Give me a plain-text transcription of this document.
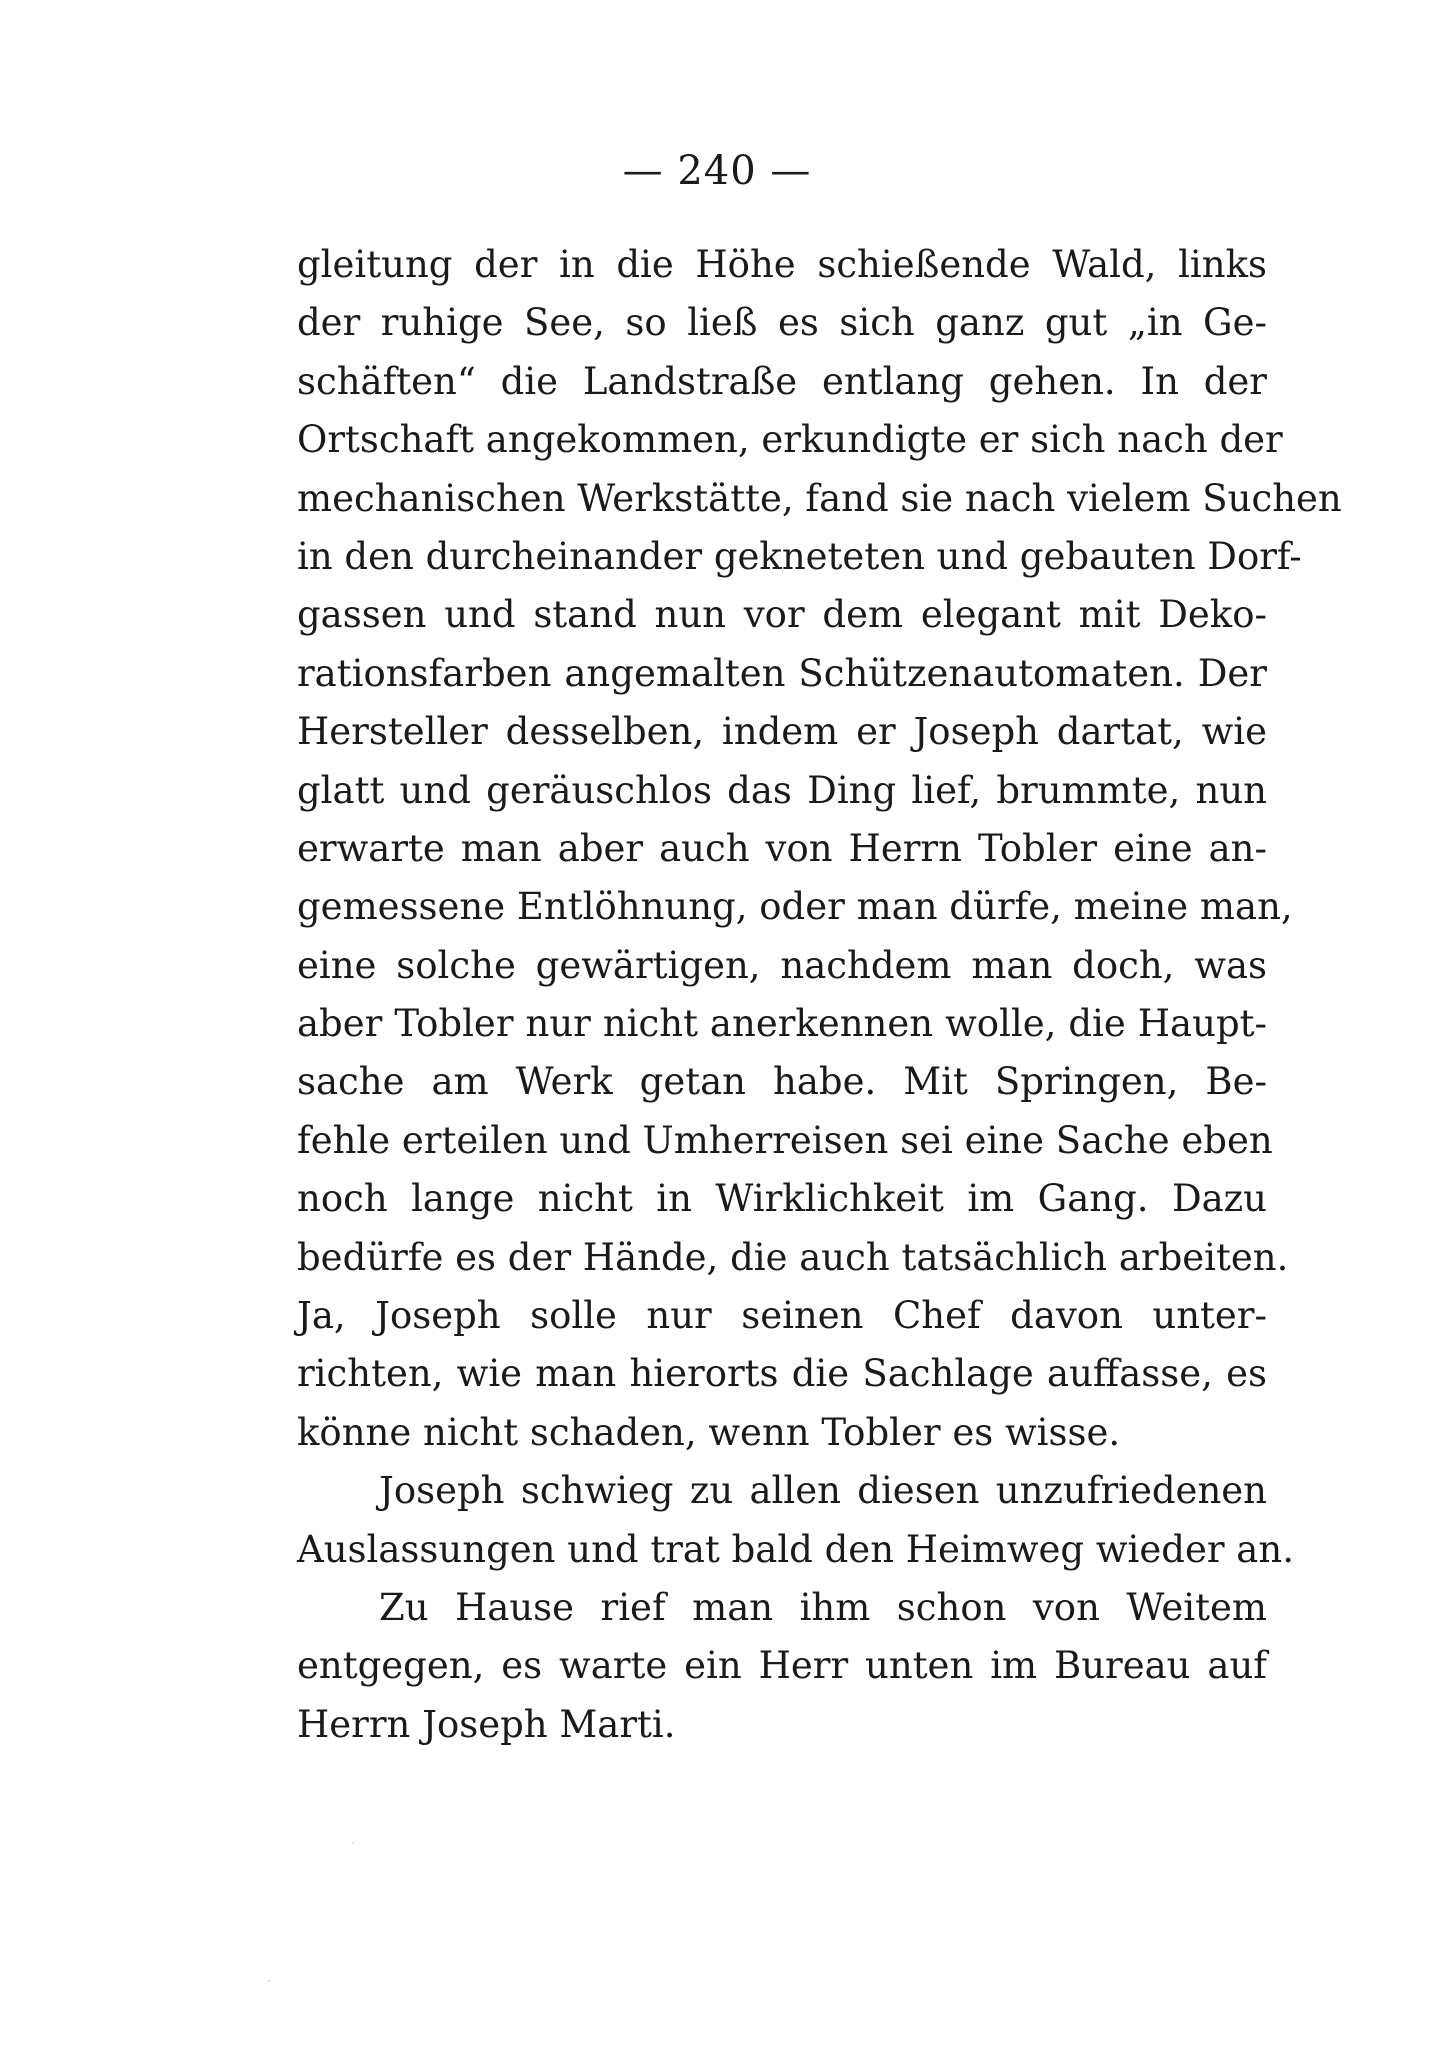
— 240 —
gleitung der in die Höhe schießende Wald, links
der ruhige See, so ließ es sich ganz gut „in Ge-
schäften“ die Landstraße entlang gehen. In der
Ortschaft angekommen, erkundigte er sich nach der
mechanischen Werkstätte, fand sie nach vielem Suchen
in den durcheinander gekneteten und gebauten Dorf-
gassen und stand nun vor dem elegant mit Deko-
rationsfarben angemalten Schützenautomaten. Der
Hersteller desselben, indem er Joseph dartat, wie
glatt und geräuschlos das Ding lief, brummte, nun
erwarte man aber auch von Herrn Tobler eine an-
gemessene Entlöhnung, oder man dürfe, meine man,
eine solche gewärtigen, nachdem man doch, was
aber Tobler nur nicht anerkennen wolle, die Haupt-
sache am Werk getan habe. Mit Springen, Be-
fehle erteilen und Umherreisen sei eine Sache eben
noch lange nicht in Wirklichkeit im Gang. Dazu
bedürfe es der Hände, die auch tatsächlich arbeiten.
Ja, Joseph solle nur seinen Chef davon unter-
richten, wie man hierorts die Sachlage auffasse, es
könne nicht schaden, wenn Tobler es wisse.
Joseph schwieg zu allen diesen unzufriedenen
Auslassungen und trat bald den Heimweg wieder an.
Zu Hause rief man ihm schon von Weitem
entgegen, es warte ein Herr unten im Bureau auf
Herrn Joseph Marti.
